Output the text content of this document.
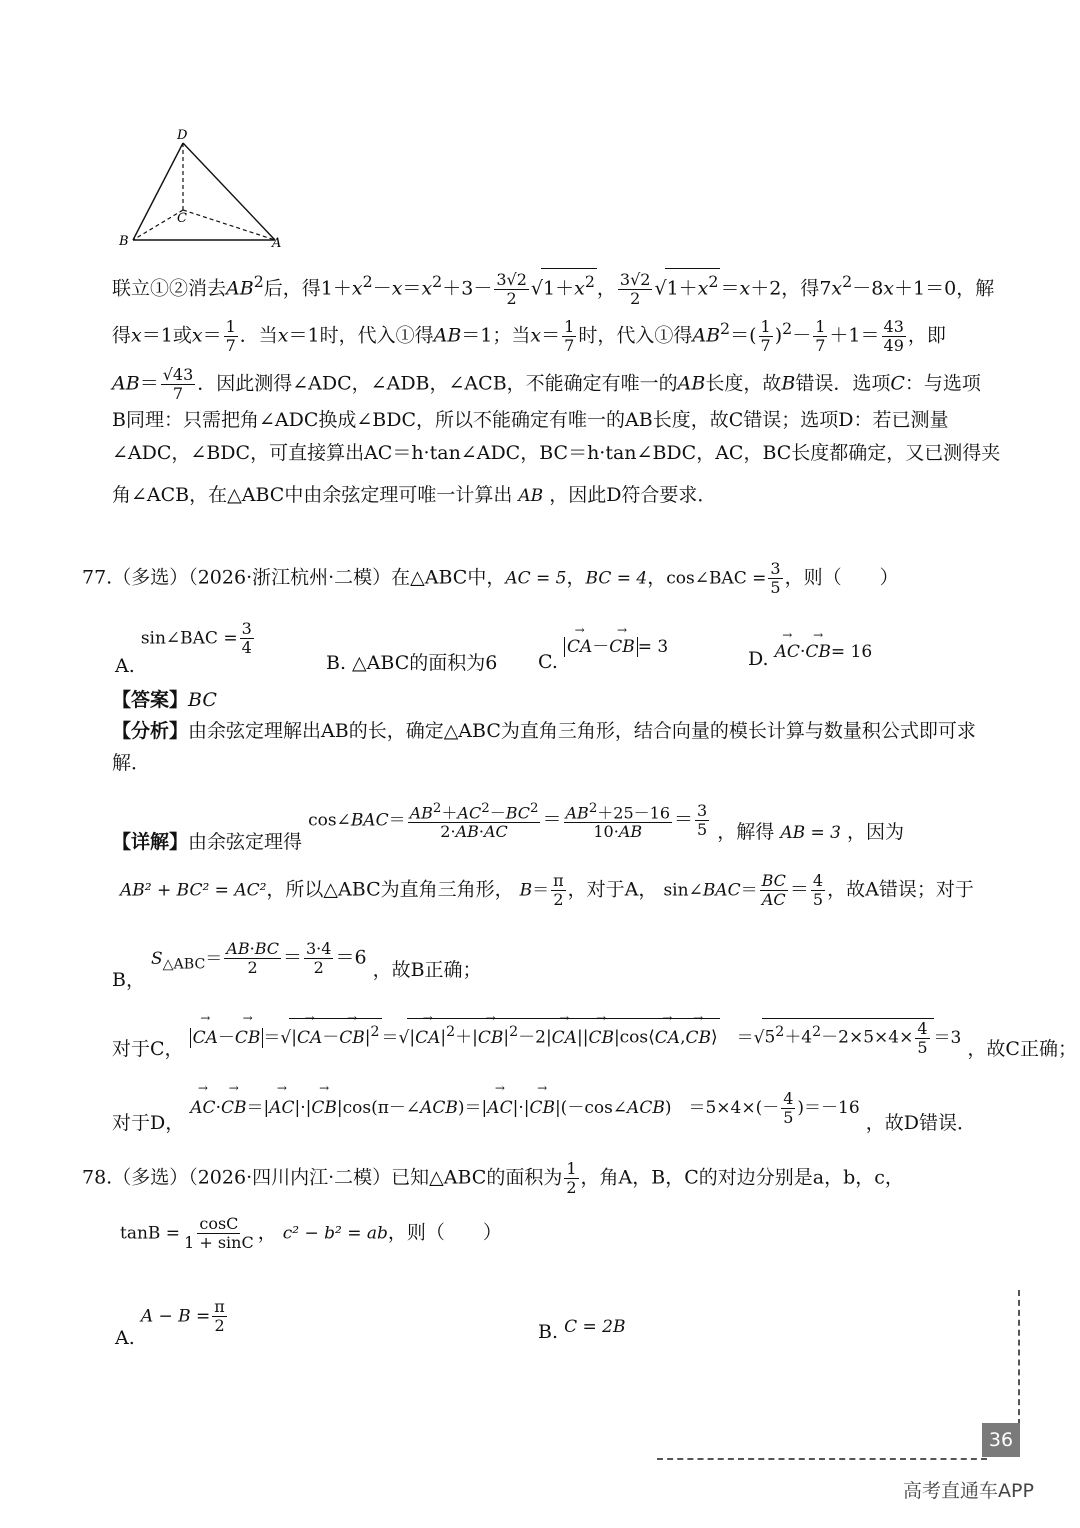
D
C
B	A
联立①②消去$AB^2$后，得$1+x^2-x=x^2+3- \frac{3√2}{2} √1+x^2$ ， $\frac{3√2}{2} √1+x^2 =x+2$，得$7x^2-8x+1=0$，解
得x＝1或$x= \frac{1}{7}$ ．当x＝1时，代入①得AB＝1；当$x= \frac{1}{7}$ 时，代入①得$AB^2=( \frac{1}{7} )^2- \frac{1}{7} +1= \frac{43}{49}$ ，即
$AB= \frac{√43}{7}$ ．因此测得∠ADC，∠ADB，∠ACB，不能确定有唯一的AB长度，故B错误．选项C：与选项
B同理：只需把角∠ADC换成∠BDC，所以不能确定有唯一的AB长度，故C错误；选项D：若已测量
∠ADC，∠BDC，可直接算出AC＝h·tan∠ADC，BC＝h·tan∠BDC，AC，BC长度都确定，又已测得夹
角∠ACB，在△ABC中由余弦定理可唯一计算出 AB ，因此D符合要求．
77.（多选）（2026·浙江杭州·二模）在△ABC中，AC = 5，BC = 4，cos∠BAC = $\frac{3}{5}$ ，则（　　）
A. sin∠BAC = $\frac{3}{4}$
B. △ABC的面积为6 C. → CA－→ CB = 3
D. → AC·→ CB= 16
【答案】BC
【分析】由余弦定理解出AB的长，确定△ABC为直角三角形，结合向量的模长计算与数量积公式即可求
解．
【详解】由余弦定理得 cos∠BAC＝ $\frac{AB^2+AC^2-BC^2}{2\cdot AB\cdot AC} = \frac{AB^2+25-16}{10\cdot AB} = \frac{3}{5}$ ，解得 AB = 3 ，因为
AB² + BC² = AC²，所以△ABC为直角三角形， $B= \frac{\pi}{2}$ ，对于A， sin∠BAC＝ $\frac{BC}{AC} = \frac{4}{5}$ ，故A错误；对于
B， $S_{\triangle ABC}= \frac{AB\cdot BC}{2} = \frac{3\cdot 4}{2} =6$ ，故B正确；
对于C， → CA－→ CB ＝√|→ $CA-\to CB|^2$ ＝√|→ $CA|^2+|\to CB|^2-2|\to CA||\to$ CB|cos⟨→ CA,→ CB⟩　$=√5^2+4^2-2\times 5\times 4\times \frac{4}{5} =3$ ，故C正确；
对于D， → AC·→ CB＝|→ AC|·|→ CB|cos(π－∠ACB)＝|→ AC|·|→ CB|(－cos∠ACB)　$=5\times 4\times(- \frac{4}{5} )=-16$ ，故D错误．
78.（多选）（2026·四川内江·二模）已知△ABC的面积为 $\frac{1}{2}$ ，角A，B，C的对边分别是a，b，c，
$\tan B = \frac{\cos C}{1 + \sin C}$ ， c² − b² = ab，则（　　）
A. $A - B = \frac{\pi}{2}$	B. C = 2B
36
高考直通车APP
